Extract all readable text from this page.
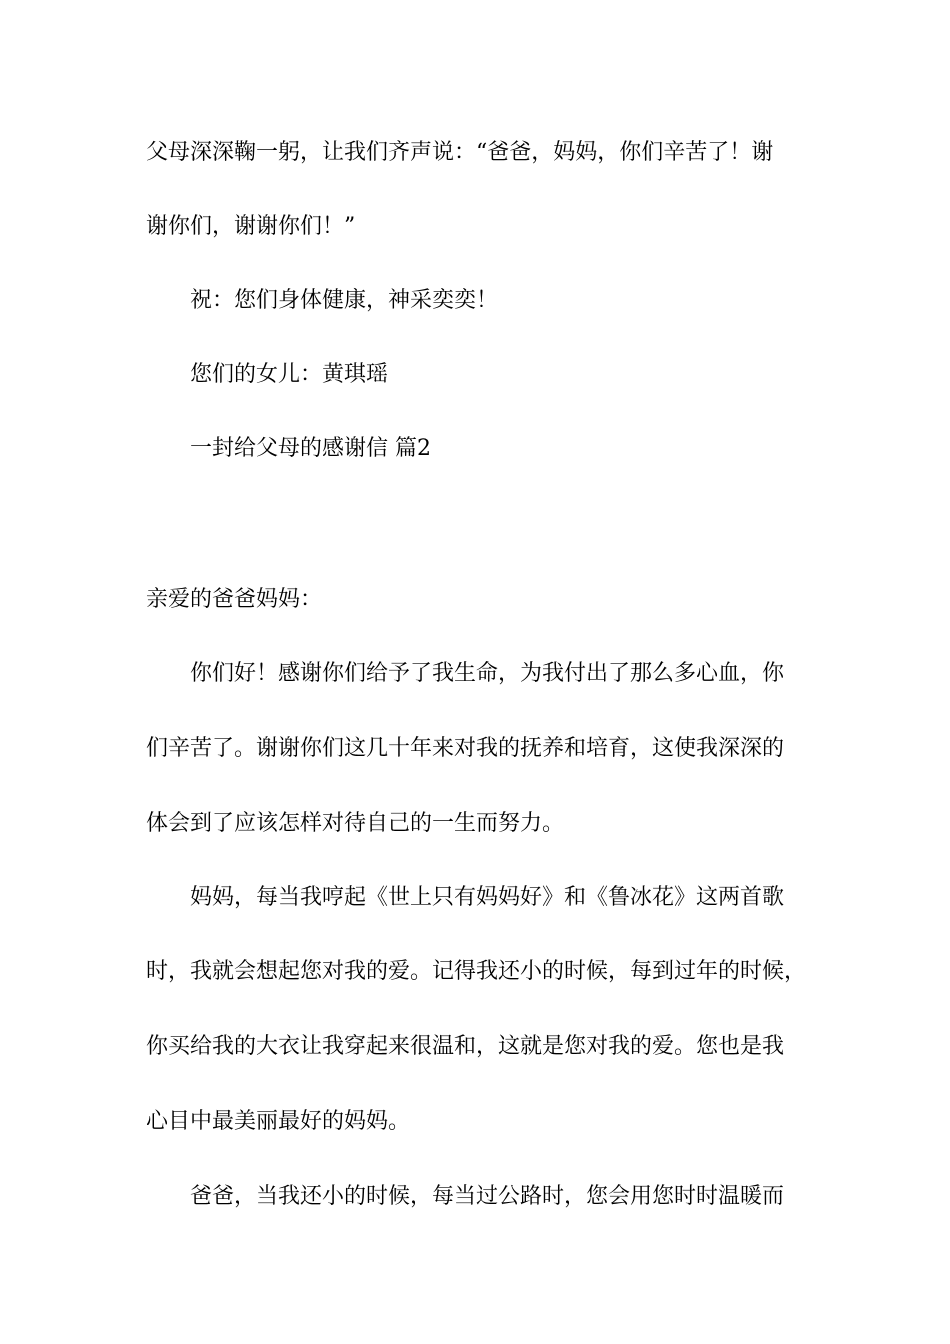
父母深深鞠一躬，让我们齐声说：“爸爸，妈妈，你们辛苦了！谢
谢你们，谢谢你们！”
祝：您们身体健康，神采奕奕！
您们的女儿：黄琪瑶
一封给父母的感谢信 篇2
亲爱的爸爸妈妈：
你们好！感谢你们给予了我生命，为我付出了那么多心血，你
们辛苦了。谢谢你们这几十年来对我的抚养和培育，这使我深深的
体会到了应该怎样对待自己的一生而努力。
妈妈，每当我哼起《世上只有妈妈好》和《鲁冰花》这两首歌
时，我就会想起您对我的爱。记得我还小的时候，每到过年的时候，
你买给我的大衣让我穿起来很温和，这就是您对我的爱。您也是我
心目中最美丽最好的妈妈。
爸爸，当我还小的时候，每当过公路时，您会用您时时温暖而
